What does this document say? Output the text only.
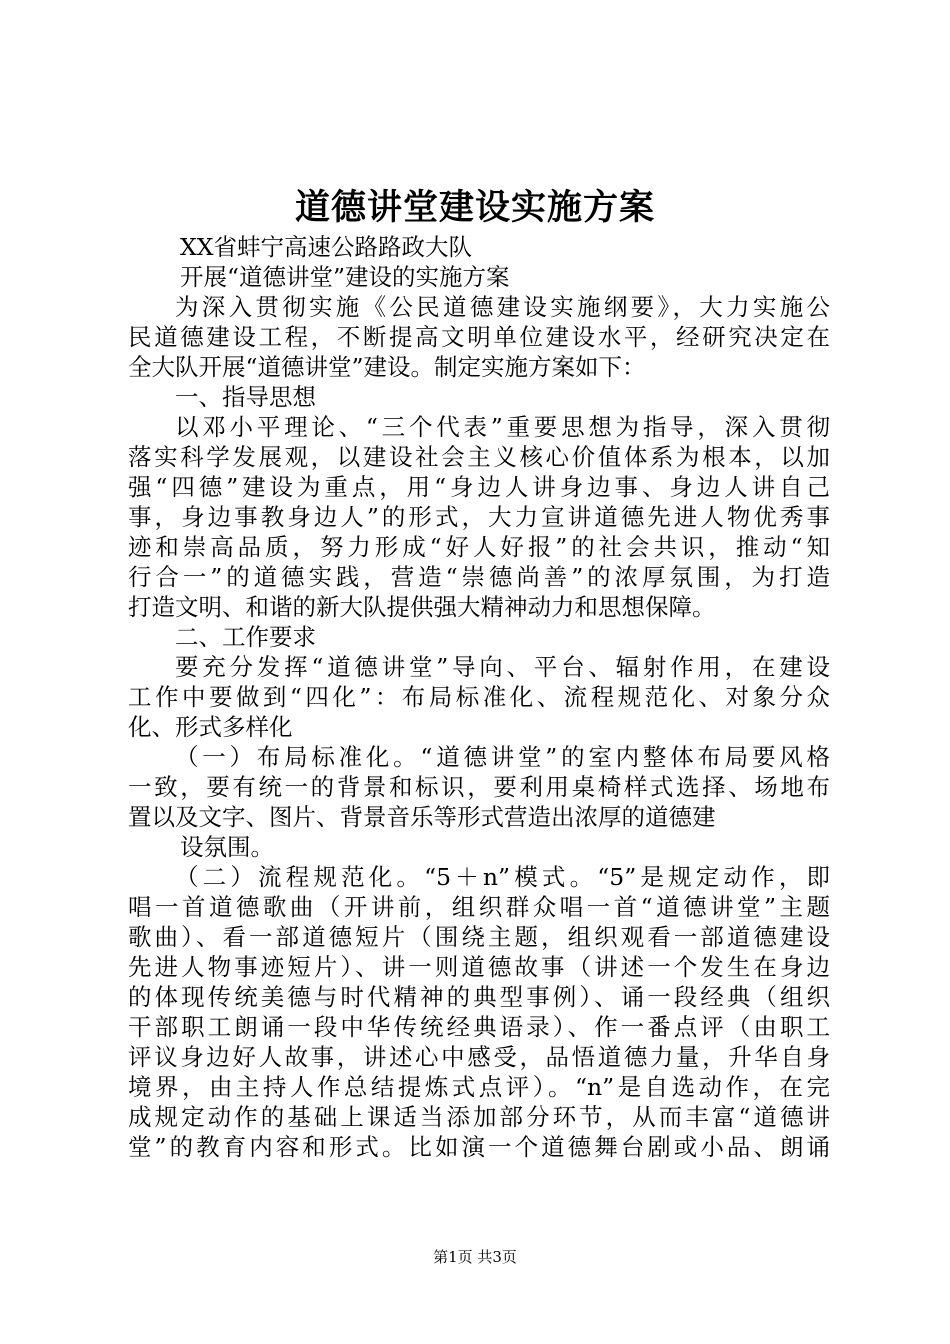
道德讲堂建设实施方案
XX省蚌宁高速公路路政大队
开展“道德讲堂”建设的实施方案
为深入贯彻实施《公民道德建设实施纲要》，大力实施公
民道德建设工程，不断提高文明单位建设水平，经研究决定在
全大队开展“道德讲堂”建设。制定实施方案如下：
一、指导思想
以邓小平理论、“三个代表”重要思想为指导，深入贯彻
落实科学发展观，以建设社会主义核心价值体系为根本，以加
强“四德”建设为重点，用“身边人讲身边事、身边人讲自己
事，身边事教身边人”的形式，大力宣讲道德先进人物优秀事
迹和崇高品质，努力形成“好人好报”的社会共识，推动“知
行合一”的道德实践，营造“崇德尚善”的浓厚氛围，为打造
打造文明、和谐的新大队提供强大精神动力和思想保障。
二、工作要求
要充分发挥“道德讲堂”导向、平台、辐射作用，在建设
工作中要做到“四化”：布局标准化、流程规范化、对象分众
化、形式多样化
（一）布局标准化。“道德讲堂”的室内整体布局要风格
一致，要有统一的背景和标识，要利用桌椅样式选择、场地布
置以及文字、图片、背景音乐等形式营造出浓厚的道德建
设氛围。
（二）流程规范化。“5＋n”模式。“5”是规定动作，即
唱一首道德歌曲（开讲前，组织群众唱一首“道德讲堂”主题
歌曲）、看一部道德短片（围绕主题，组织观看一部道德建设
先进人物事迹短片）、讲一则道德故事（讲述一个发生在身边
的体现传统美德与时代精神的典型事例）、诵一段经典（组织
干部职工朗诵一段中华传统经典语录）、作一番点评（由职工
评议身边好人故事，讲述心中感受，品悟道德力量，升华自身
境界，由主持人作总结提炼式点评）。“n”是自选动作，在完
成规定动作的基础上课适当添加部分环节，从而丰富“道德讲
堂”的教育内容和形式。比如演一个道德舞台剧或小品、朗诵
第1页 共3页
